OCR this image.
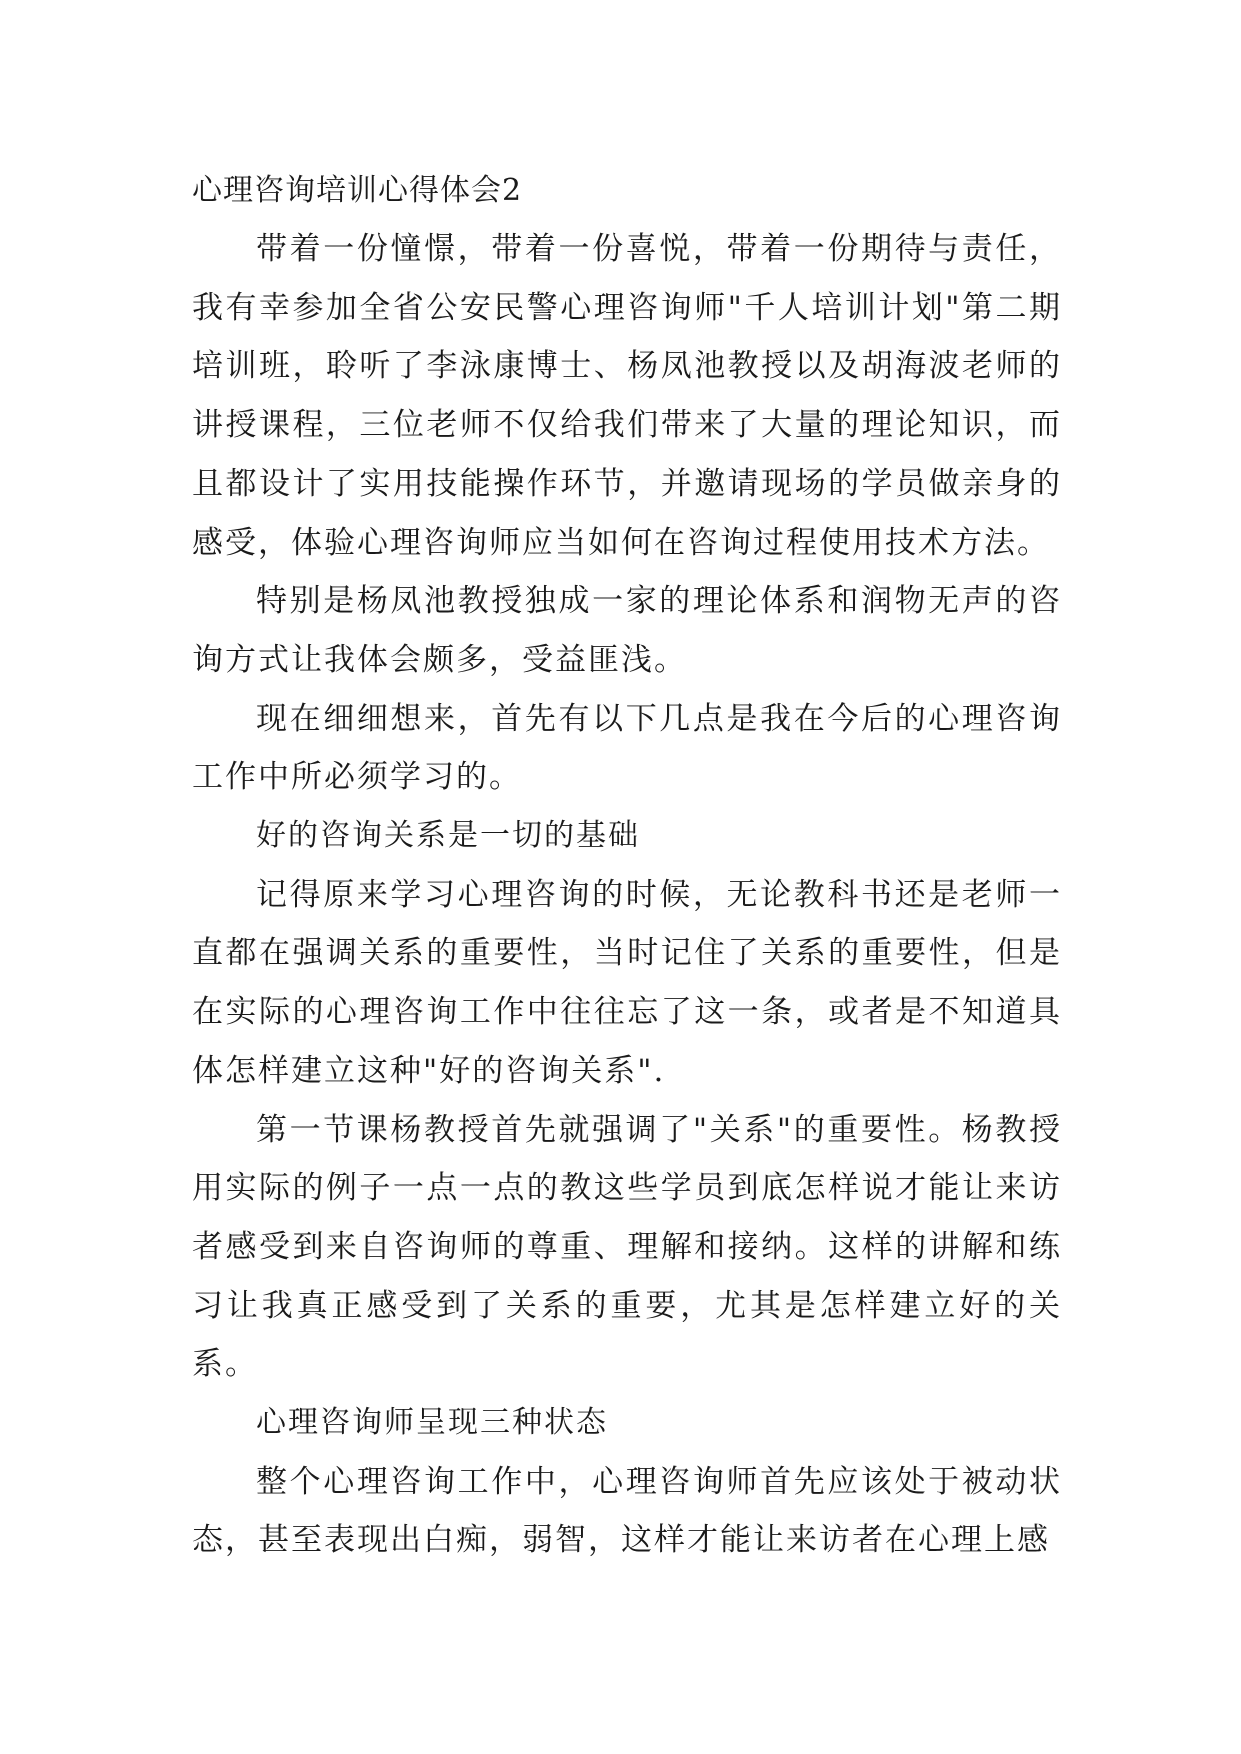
心理咨询培训心得体会2

带着一份憧憬，带着一份喜悦，带着一份期待与责任，我有幸参加全省公安民警心理咨询师"千人培训计划"第二期培训班，聆听了李泳康博士、杨凤池教授以及胡海波老师的讲授课程，三位老师不仅给我们带来了大量的理论知识，而且都设计了实用技能操作环节，并邀请现场的学员做亲身的感受，体验心理咨询师应当如何在咨询过程使用技术方法。

特别是杨凤池教授独成一家的理论体系和润物无声的咨询方式让我体会颇多，受益匪浅。

现在细细想来，首先有以下几点是我在今后的心理咨询工作中所必须学习的。

好的咨询关系是一切的基础

记得原来学习心理咨询的时候，无论教科书还是老师一直都在强调关系的重要性，当时记住了关系的重要性，但是在实际的心理咨询工作中往往忘了这一条，或者是不知道具体怎样建立这种"好的咨询关系".

第一节课杨教授首先就强调了"关系"的重要性。杨教授用实际的例子一点一点的教这些学员到底怎样说才能让来访者感受到来自咨询师的尊重、理解和接纳。这样的讲解和练习让我真正感受到了关系的重要，尤其是怎样建立好的关系。

心理咨询师呈现三种状态

整个心理咨询工作中，心理咨询师首先应该处于被动状态，甚至表现出白痴，弱智，这样才能让来访者在心理上感
